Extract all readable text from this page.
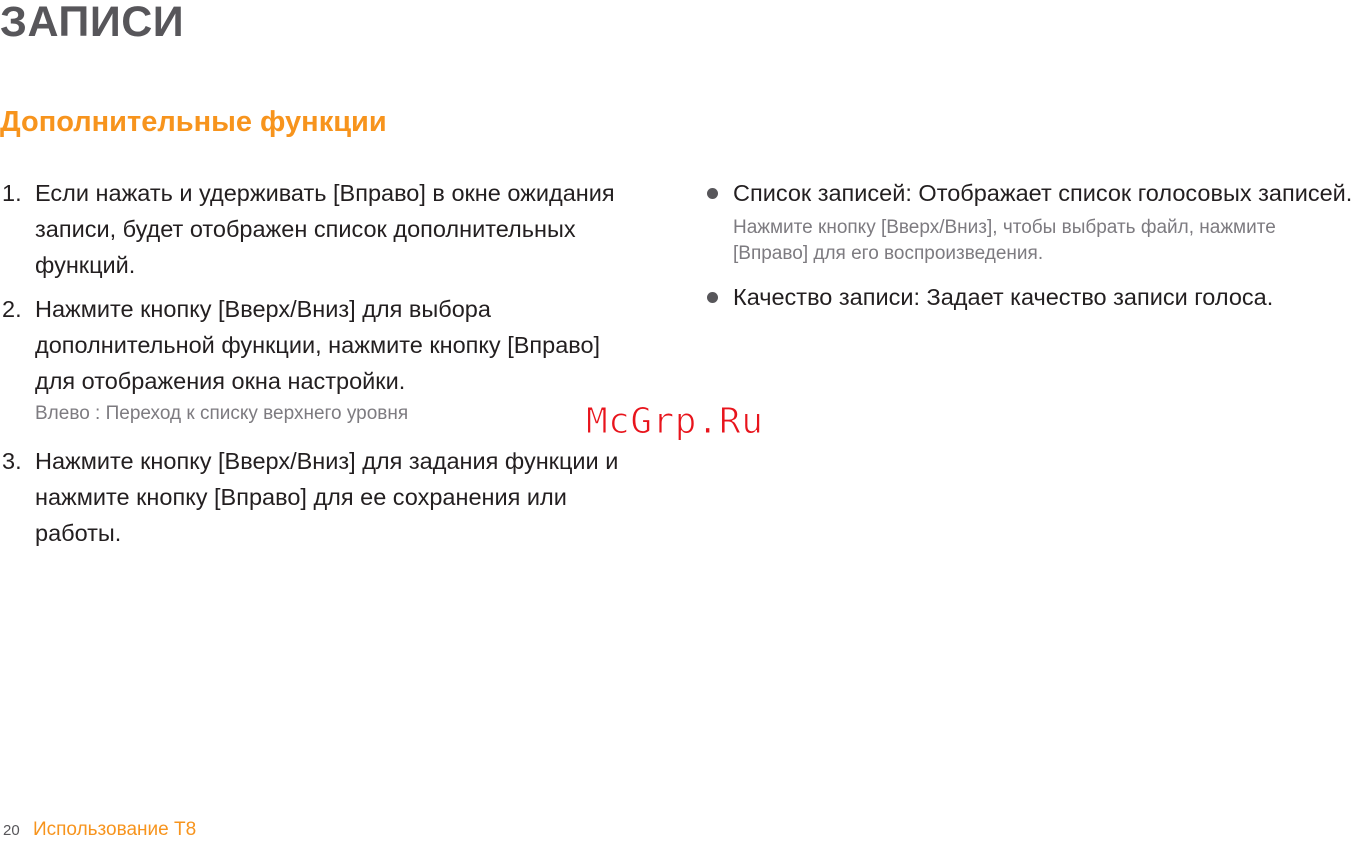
ЗАПИСИ
Дополнительные функции
1. Если нажать и удерживать [Вправо] в окне ожидания записи, будет отображен список дополнительных функций.
2. Нажмите кнопку [Вверх/Вниз] для выбора дополнительной функции, нажмите кнопку [Вправо] для отображения окна настройки.
Влево : Переход к списку верхнего уровня
3. Нажмите кнопку [Вверх/Вниз] для задания функции и нажмите кнопку [Вправо] для ее сохранения или работы.
Список записей: Отображает список голосовых записей.
Нажмите кнопку [Вверх/Вниз], чтобы выбрать файл, нажмите [Вправо] для его воспроизведения.
Качество записи: Задает качество записи голоса.
McGrp.Ru
20 Использование T8
